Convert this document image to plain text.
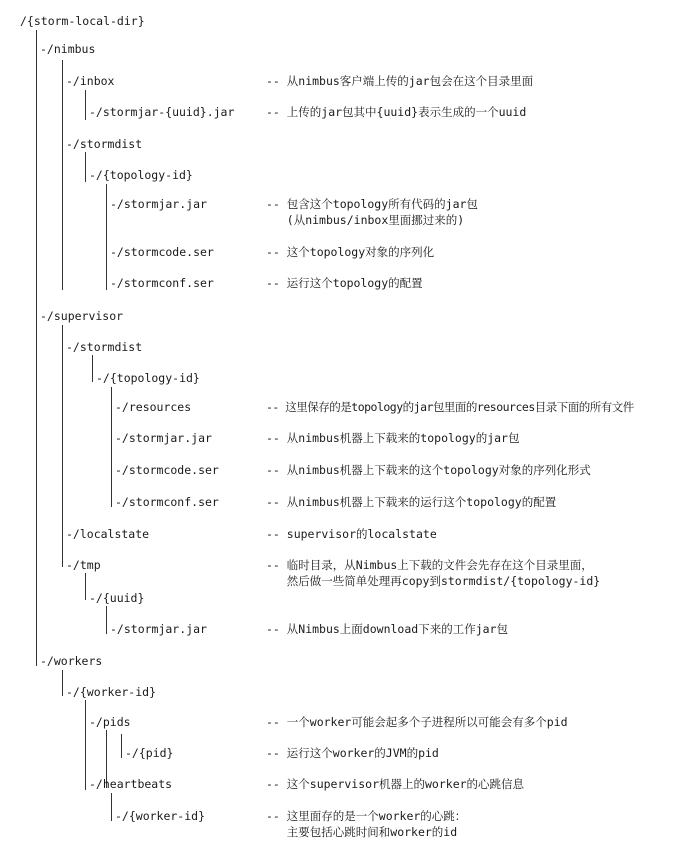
/{storm-local-dir}
-/nimbus
-/inbox
-/stormjar-{uuid}.jar
-/stormdist
-/{topology-id}
-/stormjar.jar
-/stormcode.ser
-/stormconf.ser
-/supervisor
-/stormdist
-/{topology-id}
-/resources
-/stormjar.jar
-/stormcode.ser
-/stormconf.ser
-/localstate
-/tmp
-/{uuid}
-/stormjar.jar
-/workers
-/{worker-id}
-/pids
-/{pid}
-/heartbeats
-/{worker-id}
-- 从nimbus客户端上传的jar包会在这个目录里面
-- 上传的jar包其中{uuid}表示生成的一个uuid
-- 包含这个topology所有代码的jar包
(从nimbus/inbox里面挪过来的)
-- 这个topology对象的序列化
-- 运行这个topology的配置
-- 这里保存的是topology的jar包里面的resources目录下面的所有文件
-- 从nimbus机器上下载来的topology的jar包
-- 从nimbus机器上下载来的这个topology对象的序列化形式
-- 从nimbus机器上下载来的运行这个topology的配置
-- supervisor的localstate
-- 临时目录，从Nimbus上下载的文件会先存在这个目录里面，
然后做一些简单处理再copy到stormdist/{topology-id}
-- 从Nimbus上面download下来的工作jar包
-- 一个worker可能会起多个子进程所以可能会有多个pid
-- 运行这个worker的JVM的pid
-- 这个supervisor机器上的worker的心跳信息
-- 这里面存的是一个worker的心跳：
主要包括心跳时间和worker的id
